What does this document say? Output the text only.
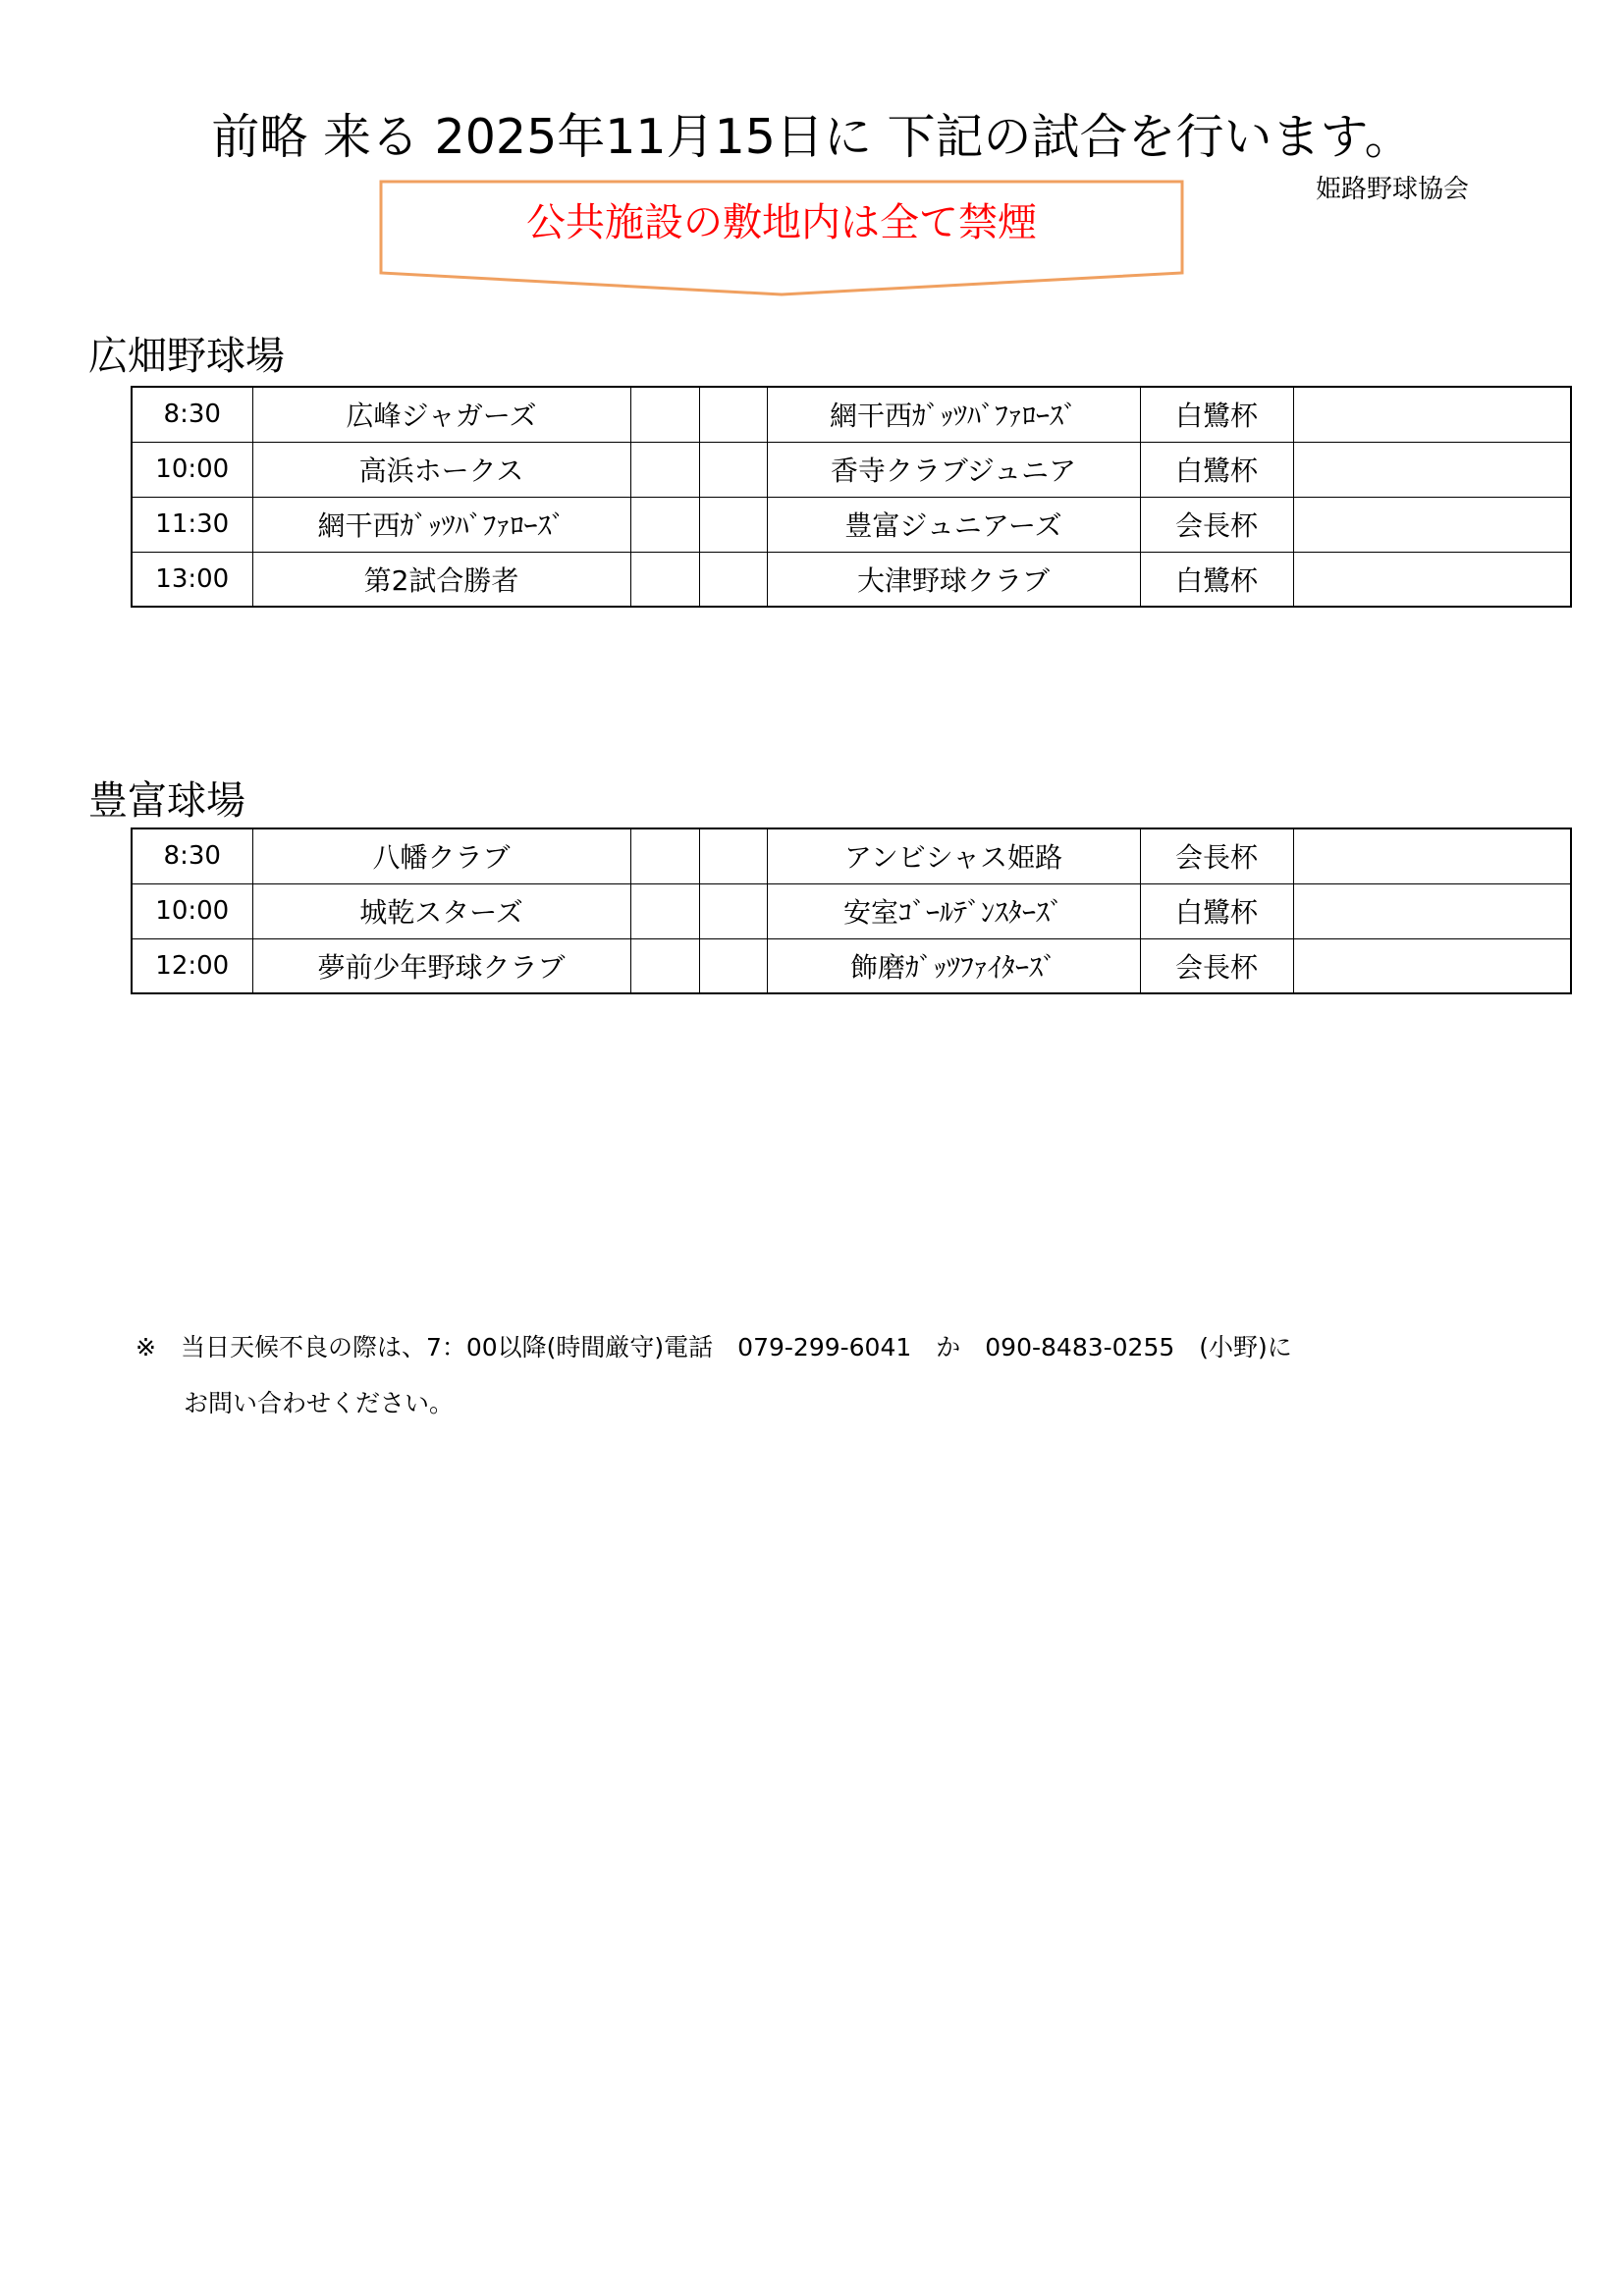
前略 来る 2025年11月15日に 下記の試合を行います。
姫路野球協会
公共施設の敷地内は全て禁煙
広畑野球場
8:30	広峰ジャガーズ			網干西ｶﾞｯﾂﾊﾞﾌｧﾛｰｽﾞ	白鷺杯	
10:00	高浜ホークス			香寺クラブジュニア	白鷺杯	
11:30	網干西ｶﾞｯﾂﾊﾞﾌｧﾛｰｽﾞ			豊富ジュニアーズ	会長杯	
13:00	第2試合勝者			大津野球クラブ	白鷺杯	
豊富球場
8:30	八幡クラブ			アンビシャス姫路	会長杯	
10:00	城乾スターズ			安室ｺﾞｰﾙﾃﾞﾝｽﾀｰｽﾞ	白鷺杯	
12:00	夢前少年野球クラブ			飾磨ｶﾞｯﾂﾌｧｲﾀｰｽﾞ	会長杯	
※　当日天候不良の際は、7：00以降(時間厳守)電話　079-299-6041　か　090-8483-0255　(小野)に
お問い合わせください。
